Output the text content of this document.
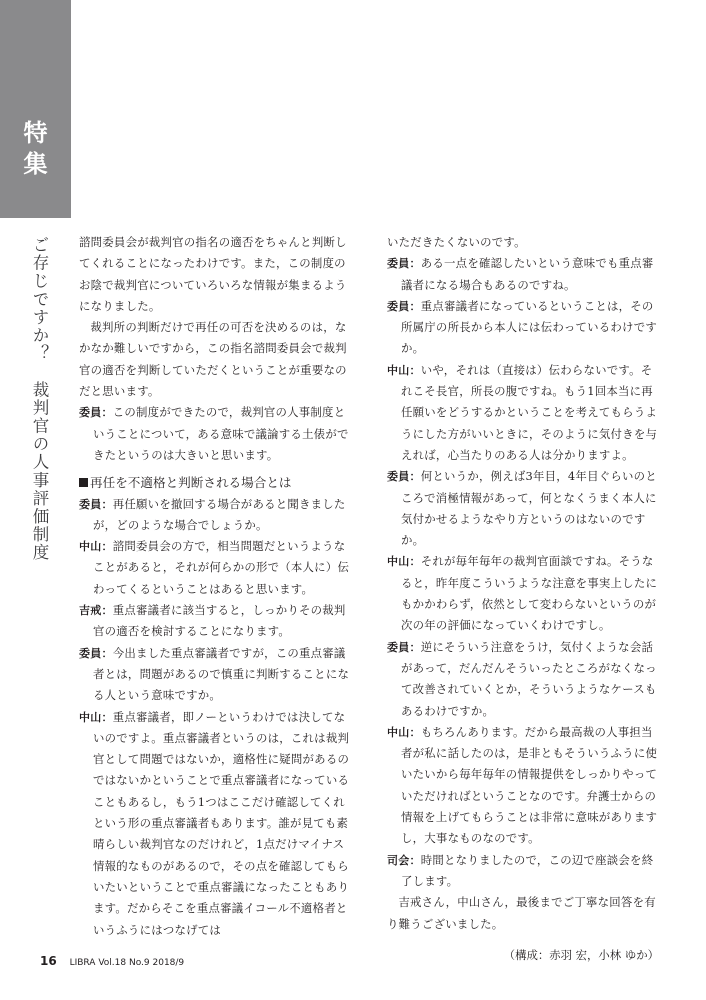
特
集
ご存じですか？　裁判官の人事評価制度	諮問委員会が裁判官の指名の適否をちゃんと判断してくれることになったわけです。また，この制度のお陰で裁判官についていろいろな情報が集まるようになりました。

裁判所の判断だけで再任の可否を決めるのは，なかなか難しいですから，この指名諮問委員会で裁判官の適否を判断していただくということが重要なのだと思います。

委員：この制度ができたので，裁判官の人事制度ということについて，ある意味で議論する土俵ができたというのは大きいと思います。

再任を不適格と判断される場合とは

委員：再任願いを撤回する場合があると聞きましたが，どのような場合でしょうか。

中山：諮問委員会の方で，相当問題だというようなことがあると，それが何らかの形で（本人に）伝わってくるということはあると思います。

吉戒：重点審議者に該当すると，しっかりその裁判官の適否を検討することになります。

委員：今出ました重点審議者ですが，この重点審議者とは，問題があるので慎重に判断することになる人という意味ですか。

中山：重点審議者，即ノーというわけでは決してないのですよ。重点審議者というのは，これは裁判官として問題ではないか，適格性に疑問があるのではないかということで重点審議者になっていることもあるし，もう1つはここだけ確認してくれという形の重点審議者もあります。誰が見ても素晴らしい裁判官なのだけれど，1点だけマイナス情報的なものがあるので，その点を確認してもらいたいということで重点審議になったこともあります。だからそこを重点審議イコール不適格者というふうにはつなげては

いただきたくないのです。

委員：ある一点を確認したいという意味でも重点審議者になる場合もあるのですね。

委員：重点審議者になっているということは，その所属庁の所長から本人には伝わっているわけですか。

中山：いや，それは（直接は）伝わらないです。それこそ長官，所長の腹ですね。もう1回本当に再任願いをどうするかということを考えてもらうようにした方がいいときに，そのように気付きを与えれば，心当たりのある人は分かりますよ。

委員：何というか，例えば3年目，4年目ぐらいのところで消極情報があって，何となくうまく本人に気付かせるようなやり方というのはないのですか。

中山：それが毎年毎年の裁判官面談ですね。そうなると，昨年度こういうような注意を事実上したにもかかわらず，依然として変わらないというのが次の年の評価になっていくわけですし。

委員：逆にそういう注意をうけ，気付くような会話があって，だんだんそういったところがなくなって改善されていくとか，そういうようなケースもあるわけですか。

中山：もちろんあります。だから最高裁の人事担当者が私に話したのは，是非ともそういうふうに使いたいから毎年毎年の情報提供をしっかりやっていただければということなのです。弁護士からの情報を上げてもらうことは非常に意味がありますし，大事なものなのです。

司会：時間となりましたので，この辺で座談会を終了します。

吉戒さん，中山さん，最後までご丁寧な回答を有り難うございました。

（構成：赤羽 宏，小林 ゆか）
16 LIBRA Vol.18 No.9 2018/9
